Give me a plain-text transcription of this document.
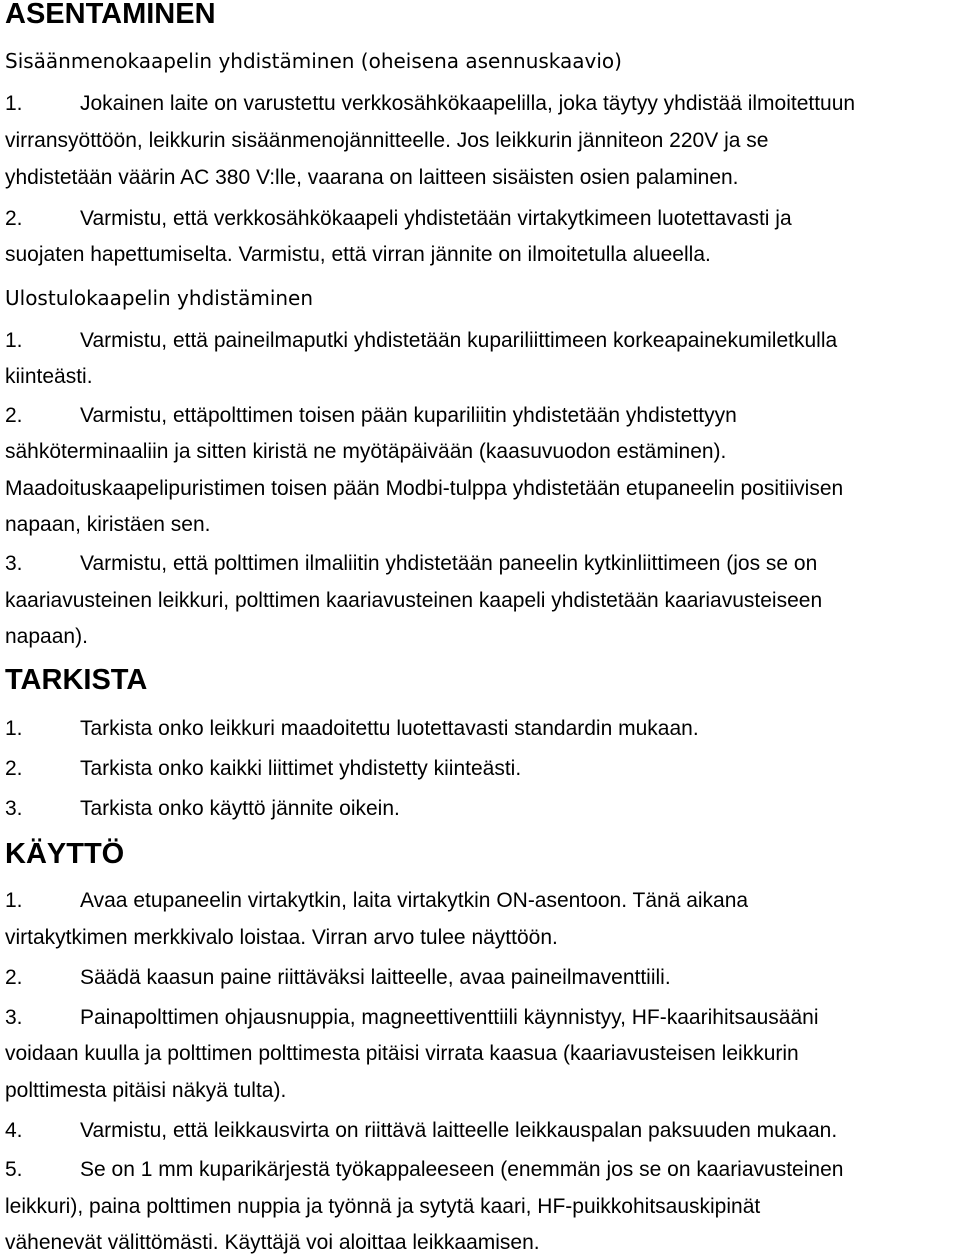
ASENTAMINEN
Sisäänmenokaapelin yhdistäminen (oheisena asennuskaavio)
1.	Jokainen laite on varustettu verkkosähkökaapelilla, joka täytyy yhdistää ilmoitettuun
virransyöttöön, leikkurin sisäänmenojännitteelle. Jos leikkurin jänniteon 220V ja se
yhdistetään väärin AC 380 V:lle, vaarana on laitteen sisäisten osien palaminen.
2.	Varmistu, että verkkosähkökaapeli yhdistetään virtakytkimeen luotettavasti ja
suojaten hapettumiselta. Varmistu, että virran jännite on ilmoitetulla alueella.
Ulostulokaapelin yhdistäminen
1.	Varmistu, että paineilmaputki yhdistetään kupariliittimeen korkeapainekumiletkulla
kiinteästi.
2.	Varmistu, ettäpolttimen toisen pään kupariliitin yhdistetään yhdistettyyn
sähköterminaaliin ja sitten kiristä ne myötäpäivään (kaasuvuodon estäminen).
Maadoituskaapelipuristimen toisen pään Modbi-tulppa yhdistetään etupaneelin positiivisen
napaan, kiristäen sen.
3.	Varmistu, että polttimen ilmaliitin yhdistetään paneelin kytkinliittimeen (jos se on
kaariavusteinen leikkuri, polttimen kaariavusteinen kaapeli yhdistetään kaariavusteiseen
napaan).
TARKISTA
1.	Tarkista onko leikkuri maadoitettu luotettavasti standardin mukaan.
2.	Tarkista onko kaikki liittimet yhdistetty kiinteästi.
3.	Tarkista onko käyttö jännite oikein.
KÄYTTÖ
1.	Avaa etupaneelin virtakytkin, laita virtakytkin ON-asentoon. Tänä aikana
virtakytkimen merkkivalo loistaa. Virran arvo tulee näyttöön.
2.	Säädä kaasun paine riittäväksi laitteelle, avaa paineilmaventtiili.
3.	Painapolttimen ohjausnuppia, magneettiventtiili käynnistyy, HF-kaarihitsausääni
voidaan kuulla ja polttimen polttimesta pitäisi virrata kaasua (kaariavusteisen leikkurin
polttimesta pitäisi näkyä tulta).
4.	Varmistu, että leikkausvirta on riittävä laitteelle leikkauspalan paksuuden mukaan.
5.	Se on 1 mm kuparikärjestä työkappaleeseen (enemmän jos se on kaariavusteinen
leikkuri), paina polttimen nuppia ja työnnä ja sytytä kaari, HF-puikkohitsauskipinät
vähenevät välittömästi. Käyttäjä voi aloittaa leikkaamisen.
